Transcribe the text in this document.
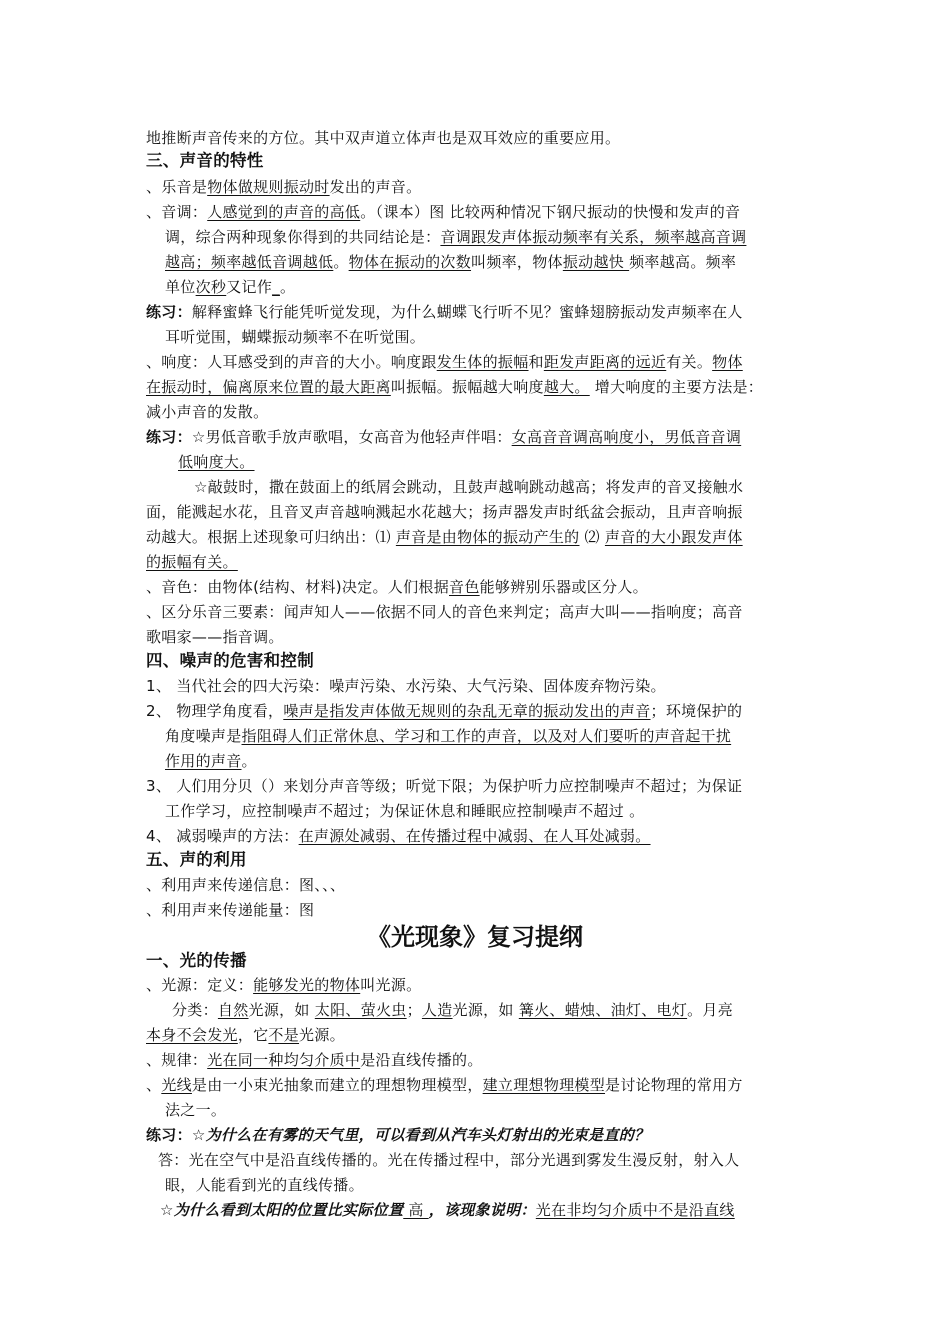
地推断声音传来的方位。其中双声道立体声也是双耳效应的重要应用。
三、声音的特性
、乐音是物体做规则振动时发出的声音。
、音调：人感觉到的声音的高低。（课本）图 比较两种情况下钢尺振动的快慢和发声的音
调，综合两种现象你得到的共同结论是：音调跟发声体振动频率有关系，频率越高音调
越高；频率越低音调越低。物体在振动的次数叫频率，物体振动越快 频率越高。频率
单位次秒又记作_。
练习：解释蜜蜂飞行能凭听觉发现，为什么蝴蝶飞行听不见？蜜蜂翅膀振动发声频率在人
耳听觉围，蝴蝶振动频率不在听觉围。
、响度：人耳感受到的声音的大小。响度跟发生体的振幅和距发声距离的远近有关。物体
在振动时，偏离原来位置的最大距离叫振幅。振幅越大响度越大。 增大响度的主要方法是：
减小声音的发散。
练习：☆男低音歌手放声歌唱，女高音为他轻声伴唱：女高音音调高响度小，男低音音调
低响度大。
☆敲鼓时，撒在鼓面上的纸屑会跳动，且鼓声越响跳动越高；将发声的音叉接触水
面，能溅起水花，且音叉声音越响溅起水花越大；扬声器发声时纸盆会振动，且声音响振
动越大。根据上述现象可归纳出：⑴ 声音是由物体的振动产生的 ⑵ 声音的大小跟发声体
的振幅有关。
、音色：由物体(结构、材料)决定。人们根据音色能够辨别乐器或区分人。
、区分乐音三要素：闻声知人——依据不同人的音色来判定；高声大叫——指响度；高音
歌唱家——指音调。
四、噪声的危害和控制
1、 当代社会的四大污染：噪声污染、水污染、大气污染、固体废弃物污染。
2、 物理学角度看，噪声是指发声体做无规则的杂乱无章的振动发出的声音；环境保护的
角度噪声是指阻碍人们正常休息、学习和工作的声音，以及对人们要听的声音起干扰
作用的声音。
3、 人们用分贝（）来划分声音等级；听觉下限；为保护听力应控制噪声不超过；为保证
工作学习，应控制噪声不超过；为保证休息和睡眠应控制噪声不超过 。
4、 减弱噪声的方法：在声源处减弱、在传播过程中减弱、在人耳处减弱。
五、声的利用
、利用声来传递信息：图、、、
、利用声来传递能量：图
《光现象》复习提纲
一、光的传播
、光源：定义：能够发光的物体叫光源。
分类：自然光源，如 太阳、萤火虫；人造光源，如 篝火、蜡烛、油灯、电灯。月亮
本身不会发光，它不是光源。
、规律：光在同一种均匀介质中是沿直线传播的。
、光线是由一小束光抽象而建立的理想物理模型，建立理想物理模型是讨论物理的常用方
法之一。
练习：☆为什么在有雾的天气里，可以看到从汽车头灯射出的光束是直的？
答：光在空气中是沿直线传播的。光在传播过程中，部分光遇到雾发生漫反射，射入人
眼，人能看到光的直线传播。
☆为什么看到太阳的位置比实际位置 高 ，该现象说明：光在非均匀介质中不是沿直线
